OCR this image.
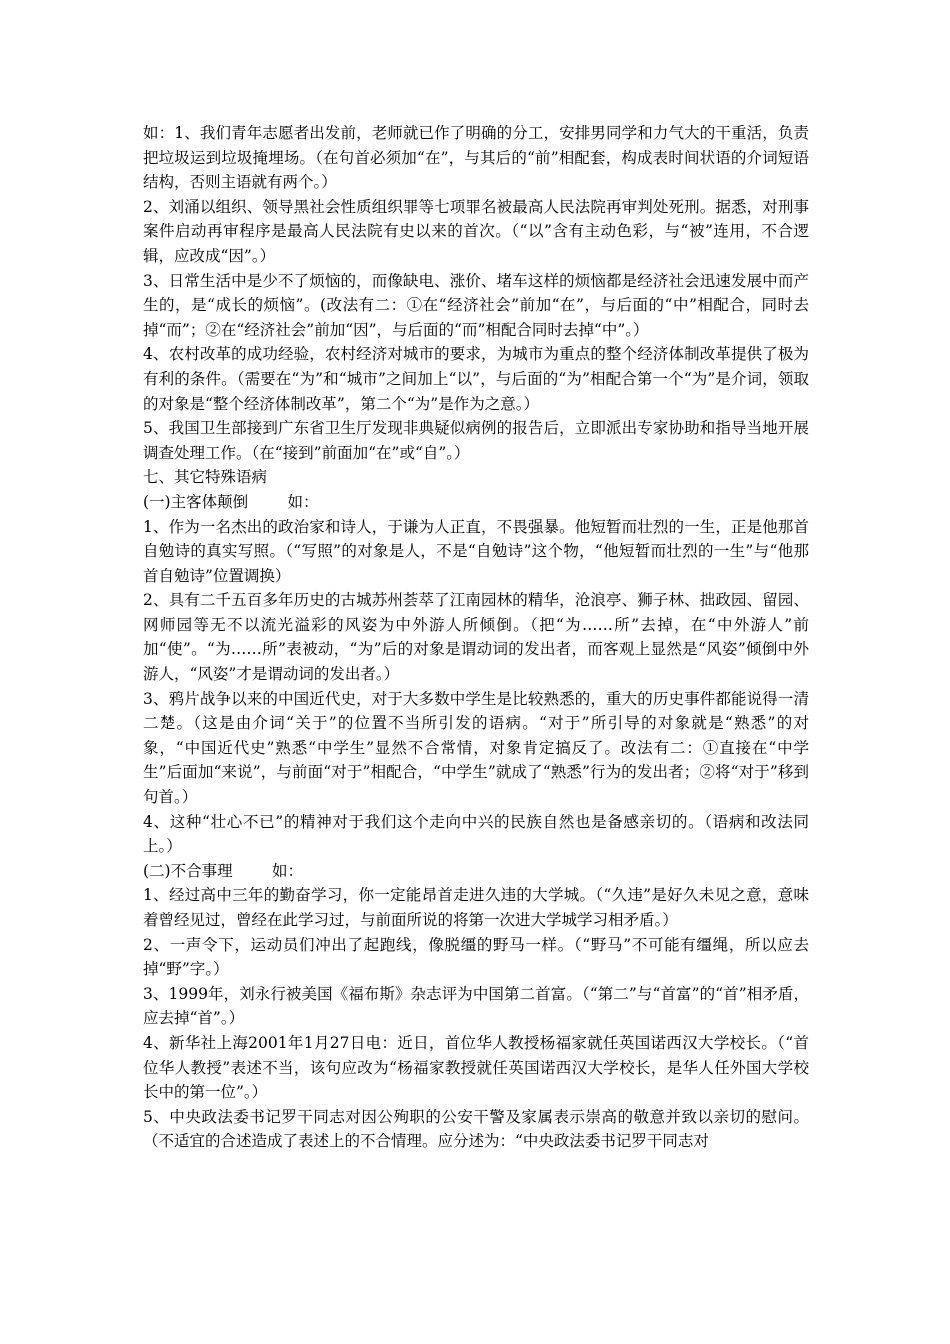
如：1、我们青年志愿者出发前，老师就已作了明确的分工，安排男同学和力气大的干重活，负责把垃圾运到垃圾掩埋场。（在句首必须加“在”，与其后的“前”相配套，构成表时间状语的介词短语结构，否则主语就有两个。）

2、刘涌以组织、领导黑社会性质组织罪等七项罪名被最高人民法院再审判处死刑。据悉，对刑事案件启动再审程序是最高人民法院有史以来的首次。（“以”含有主动色彩，与“被”连用，不合逻辑，应改成“因”。）

3、日常生活中是少不了烦恼的，而像缺电、涨价、堵车这样的烦恼都是经济社会迅速发展中而产生的，是“成长的烦恼”。(改法有二：①在“经济社会”前加“在”，与后面的“中”相配合，同时去掉“而”；②在“经济社会”前加“因”，与后面的“而”相配合同时去掉“中”。）

4、农村改革的成功经验，农村经济对城市的要求，为城市为重点的整个经济体制改革提供了极为有利的条件。（需要在“为”和“城市”之间加上“以”，与后面的“为”相配合第一个“为”是介词，领取的对象是“整个经济体制改革”，第二个“为”是作为之意。）

5、我国卫生部接到广东省卫生厅发现非典疑似病例的报告后，立即派出专家协助和指导当地开展调查处理工作。（在“接到”前面加“在”或“自”。）

七、其它特殊语病

(一)主客体颠倒        如：

1、作为一名杰出的政治家和诗人，于谦为人正直，不畏强暴。他短暂而壮烈的一生，正是他那首自勉诗的真实写照。（“写照”的对象是人，不是“自勉诗”这个物，“他短暂而壮烈的一生”与“他那首自勉诗”位置调换）

2、具有二千五百多年历史的古城苏州荟萃了江南园林的精华，沧浪亭、狮子林、拙政园、留园、网师园等无不以流光溢彩的风姿为中外游人所倾倒。（把“为……所”去掉，在“中外游人”前加“使”。“为……所”表被动，“为”后的对象是谓动词的发出者，而客观上显然是“风姿”倾倒中外游人，“风姿”才是谓动词的发出者。）

3、鸦片战争以来的中国近代史，对于大多数中学生是比较熟悉的，重大的历史事件都能说得一清二楚。（这是由介词“关于”的位置不当所引发的语病。“对于”所引导的对象就是“熟悉”的对象，“中国近代史”熟悉“中学生”显然不合常情，对象肯定搞反了。改法有二：①直接在“中学生”后面加“来说”，与前面“对于”相配合，“中学生”就成了“熟悉”行为的发出者；②将“对于”移到句首。）

4、这种“壮心不已”的精神对于我们这个走向中兴的民族自然也是备感亲切的。（语病和改法同上。）

(二)不合事理        如：

1、经过高中三年的勤奋学习，你一定能昂首走进久违的大学城。（“久违”是好久未见之意，意味着曾经见过，曾经在此学习过，与前面所说的将第一次进大学城学习相矛盾。）

2、一声令下，运动员们冲出了起跑线，像脱缰的野马一样。（“野马”不可能有缰绳，所以应去掉“野”字。）

3、1999年，刘永行被美国《福布斯》杂志评为中国第二首富。（“第二”与“首富”的“首”相矛盾，应去掉“首”。）

4、新华社上海2001年1月27日电：近日，首位华人教授杨福家就任英国诺西汉大学校长。（“首位华人教授”表述不当，该句应改为“杨福家教授就任英国诺西汉大学校长，是华人任外国大学校长中的第一位”。）

5、中央政法委书记罗干同志对因公殉职的公安干警及家属表示崇高的敬意并致以亲切的慰问。（不适宜的合述造成了表述上的不合情理。应分述为：“中央政法委书记罗干同志对
